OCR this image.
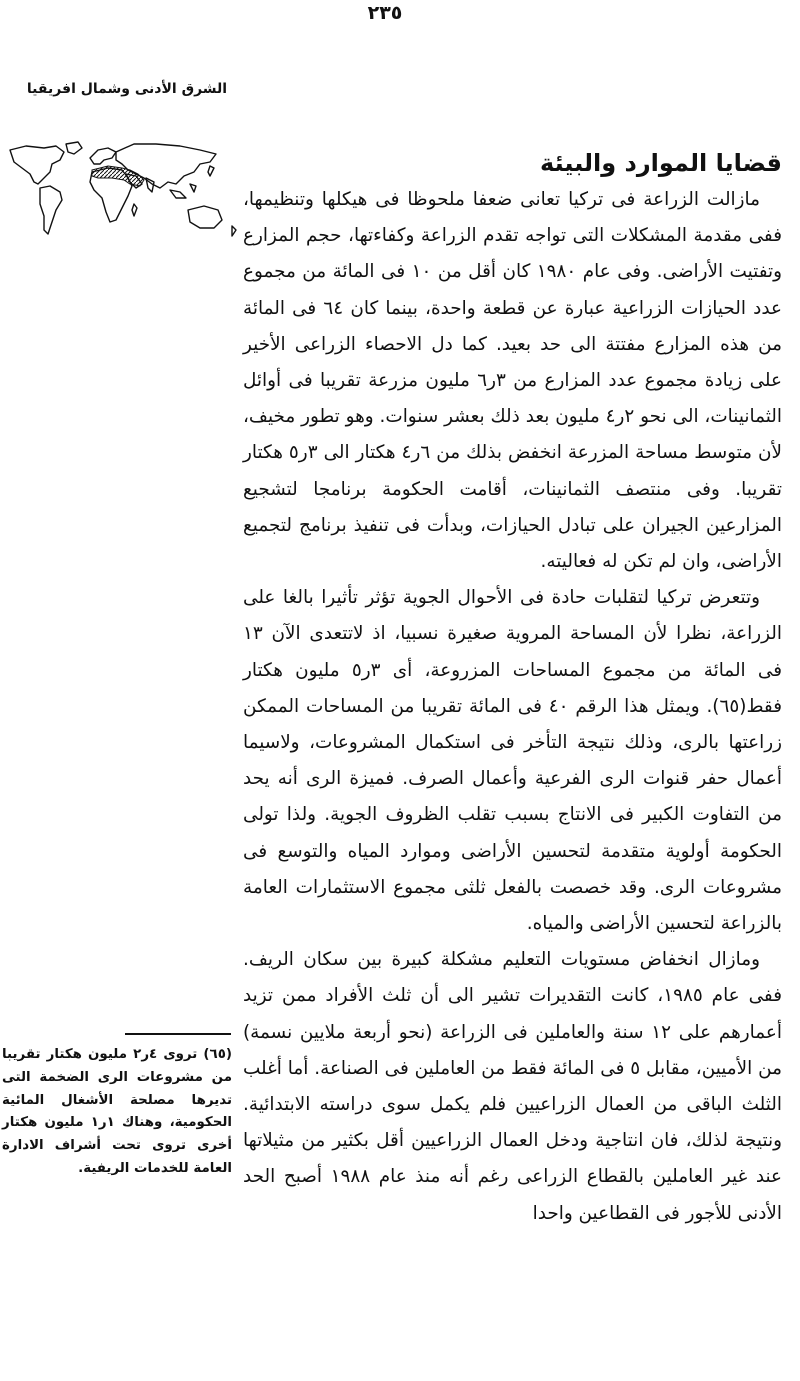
٢٣٥
الشرق الأدنى وشمال افريقيا
قضايا الموارد والبيئة

مازالت الزراعة فى تركيا تعانى ضعفا ملحوظا فى هيكلها وتنظيمها، ففى مقدمة المشكلات التى تواجه تقدم الزراعة وكفاءتها، حجم المزارع وتفتيت الأراضى. وفى عام ١٩٨٠ كان أقل من ١٠ فى المائة من مجموع عدد الحيازات الزراعية عبارة عن قطعة واحدة، بينما كان ٦٤ فى المائة من هذه المزارع مفتتة الى حد بعيد. كما دل الاحصاء الزراعى الأخير على زيادة مجموع عدد المزارع من ٣ر٦ مليون مزرعة تقريبا فى أوائل الثمانينات، الى نحو ٢ر٤ مليون بعد ذلك بعشر سنوات. وهو تطور مخيف، لأن متوسط مساحة المزرعة انخفض بذلك من ٦ر٤ هكتار الى ٣ر٥ هكتار تقريبا. وفى منتصف الثمانينات، أقامت الحكومة برنامجا لتشجيع المزارعين الجيران على تبادل الحيازات، وبدأت فى تنفيذ برنامج لتجميع الأراضى، وان لم تكن له فعاليته.

وتتعرض تركيا لتقلبات حادة فى الأحوال الجوية تؤثر تأثيرا بالغا على الزراعة، نظرا لأن المساحة المروية صغيرة نسبيا، اذ لاتتعدى الآن ١٣ فى المائة من مجموع المساحات المزروعة، أى ٣ر٥ مليون هكتار فقط(٦٥). ويمثل هذا الرقم ٤٠ فى المائة تقريبا من المساحات الممكن زراعتها بالرى، وذلك نتيجة التأخر فى استكمال المشروعات، ولاسيما أعمال حفر قنوات الرى الفرعية وأعمال الصرف. فميزة الرى أنه يحد من التفاوت الكبير فى الانتاج بسبب تقلب الظروف الجوية. ولذا تولى الحكومة أولوية متقدمة لتحسين الأراضى وموارد المياه والتوسع فى مشروعات الرى. وقد خصصت بالفعل ثلثى مجموع الاستثمارات العامة بالزراعة لتحسين الأراضى والمياه.

ومازال انخفاض مستويات التعليم مشكلة كبيرة بين سكان الريف. ففى عام ١٩٨٥، كانت التقديرات تشير الى أن ثلث الأفراد ممن تزيد أعمارهم على ١٢ سنة والعاملين فى الزراعة (نحو أربعة ملايين نسمة) من الأميين، مقابل ٥ فى المائة فقط من العاملين فى الصناعة. أما أغلب الثلث الباقى من العمال الزراعيين فلم يكمل سوى دراسته الابتدائية. ونتيجة لذلك، فان انتاجية ودخل العمال الزراعيين أقل بكثير من مثيلاتها عند غير العاملين بالقطاع الزراعى رغم أنه منذ عام ١٩٨٨ أصبح الحد الأدنى للأجور فى القطاعين واحدا

(٦٥) تروى ٤ر٢ مليون هكتار تقريبا من مشروعات الرى الضخمة التى تديرها مصلحة الأشغال المائية الحكومية، وهناك ١ر١ مليون هكتار أخرى تروى تحت أشراف الادارة العامة للخدمات الريفية.
